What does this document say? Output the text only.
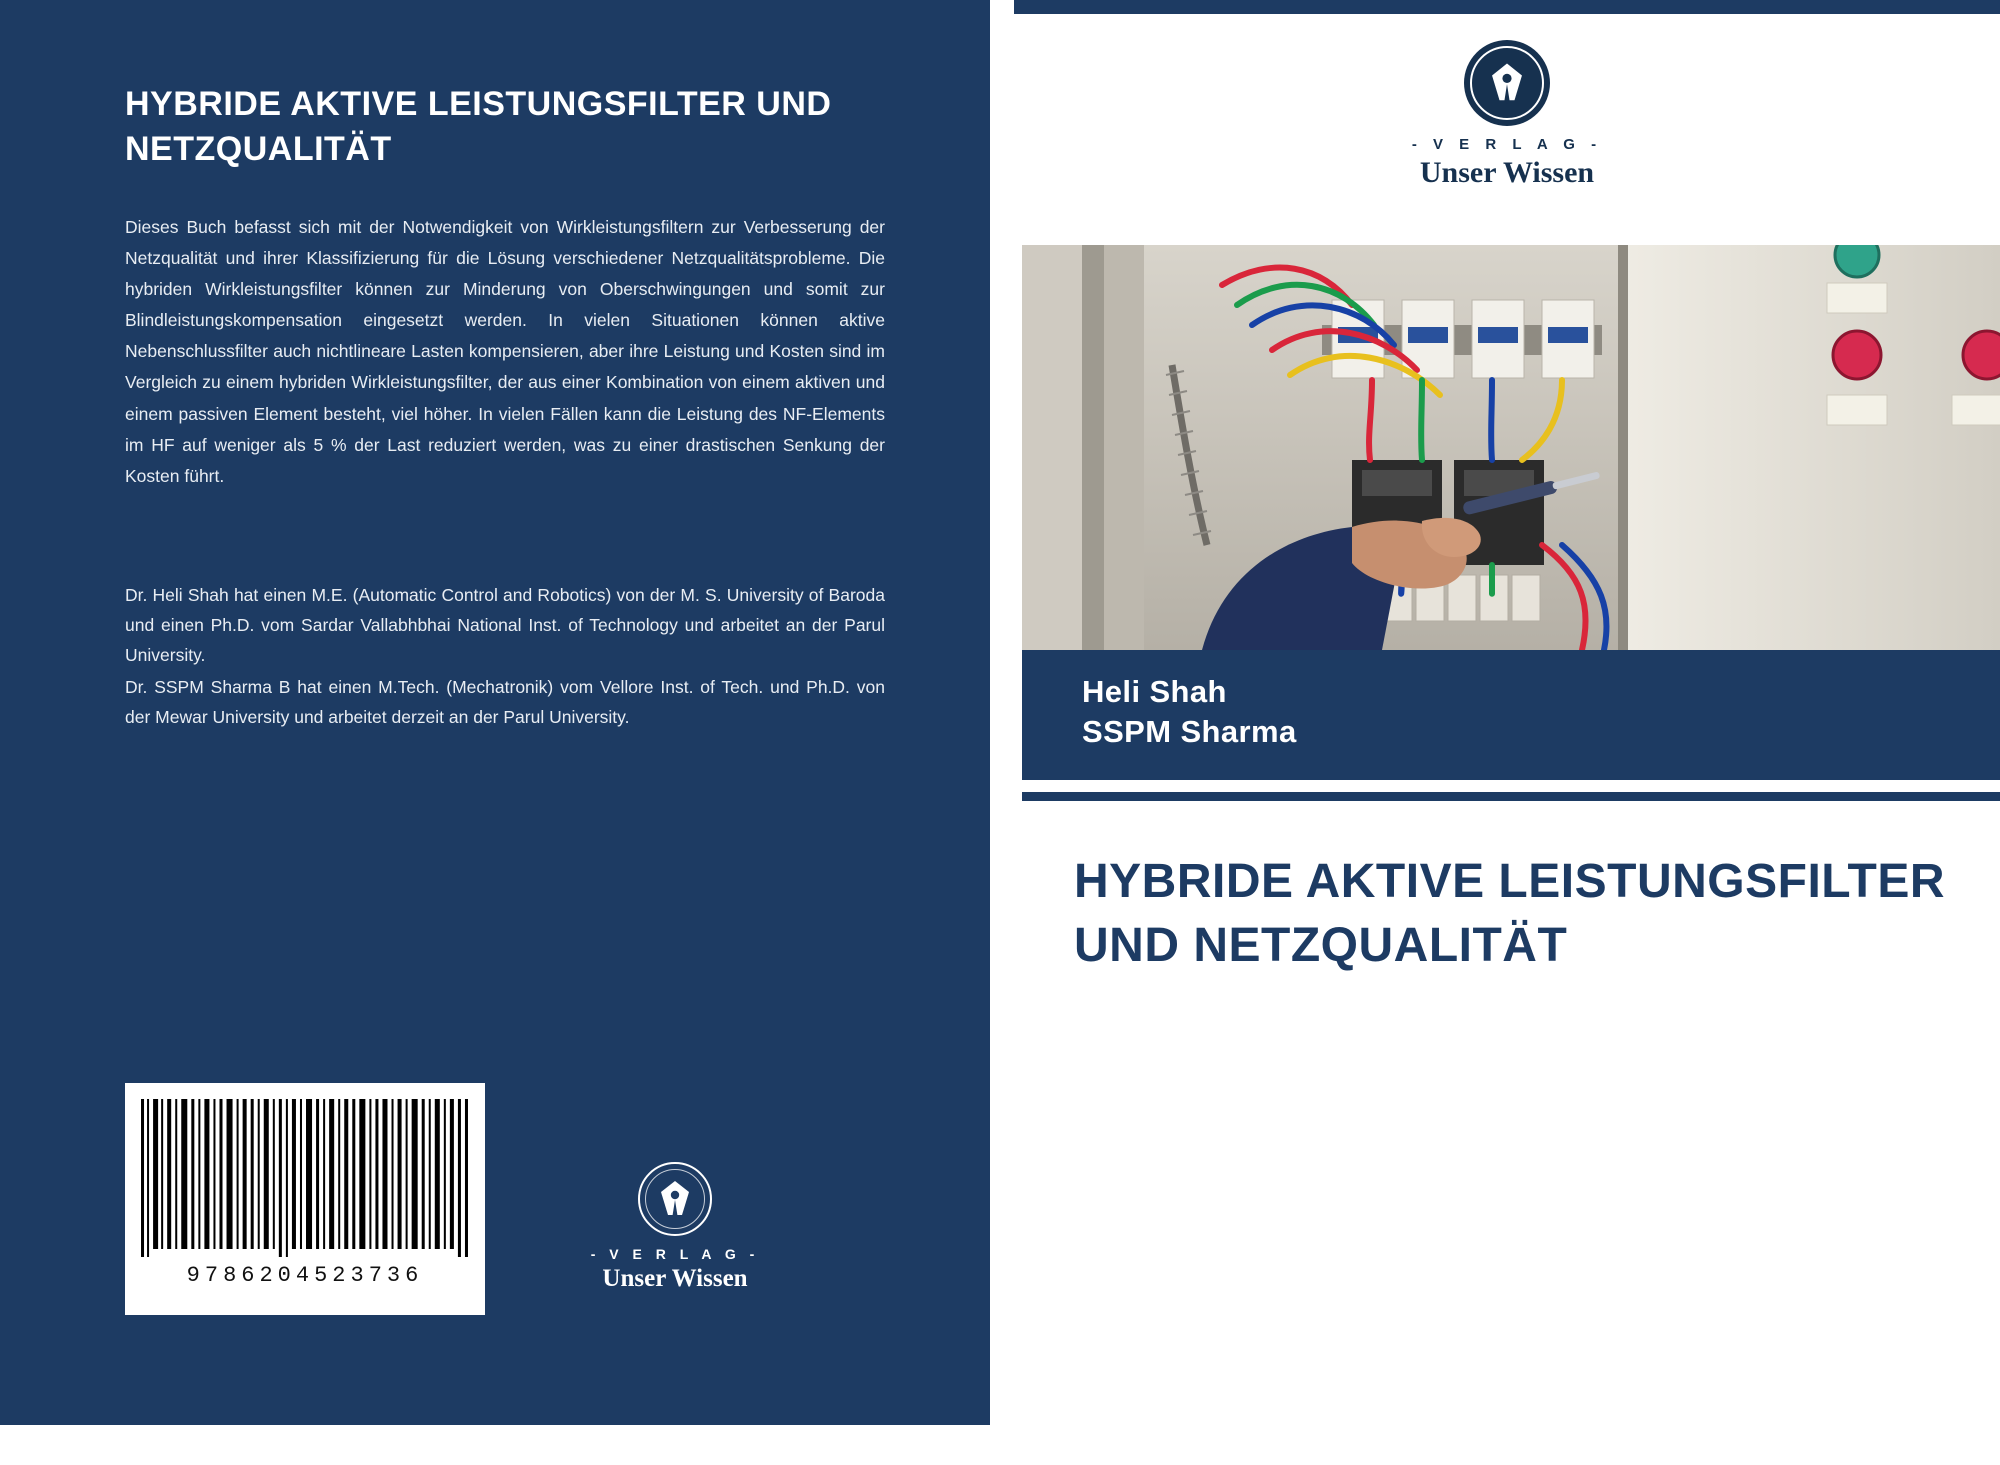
HYBRIDE AKTIVE LEISTUNGSFILTER UND NETZQUALITÄT
Dieses Buch befasst sich mit der Notwendigkeit von Wirkleistungsfiltern zur Verbesserung der Netzqualität und ihrer Klassifizierung für die Lösung verschiedener Netzqualitätsprobleme. Die hybriden Wirkleistungsfilter können zur Minderung von Oberschwingungen und somit zur Blindleistungskompensation eingesetzt werden. In vielen Situationen können aktive Nebenschlussfilter auch nichtlineare Lasten kompensieren, aber ihre Leistung und Kosten sind im Vergleich zu einem hybriden Wirkleistungsfilter, der aus einer Kombination von einem aktiven und einem passiven Element besteht, viel höher. In vielen Fällen kann die Leistung des NF-Elements im HF auf weniger als 5 % der Last reduziert werden, was zu einer drastischen Senkung der Kosten führt.

Dr. Heli Shah hat einen M.E. (Automatic Control and Robotics) von der M. S. University of Baroda und einen Ph.D. vom Sardar Vallabhbhai National Inst. of Technology und arbeitet an der Parul University.

Dr. SSPM Sharma B hat einen M.Tech. (Mechatronik) vom Vellore Inst. of Tech. und Ph.D. von der Mewar University und arbeitet derzeit an der Parul University.

9786204523736
- V E R L A G -
Unser Wissen
- V E R L A G -
Unser Wissen
Heli Shah
SSPM Sharma
HYBRIDE AKTIVE LEISTUNGSFILTER UND NETZQUALITÄT
